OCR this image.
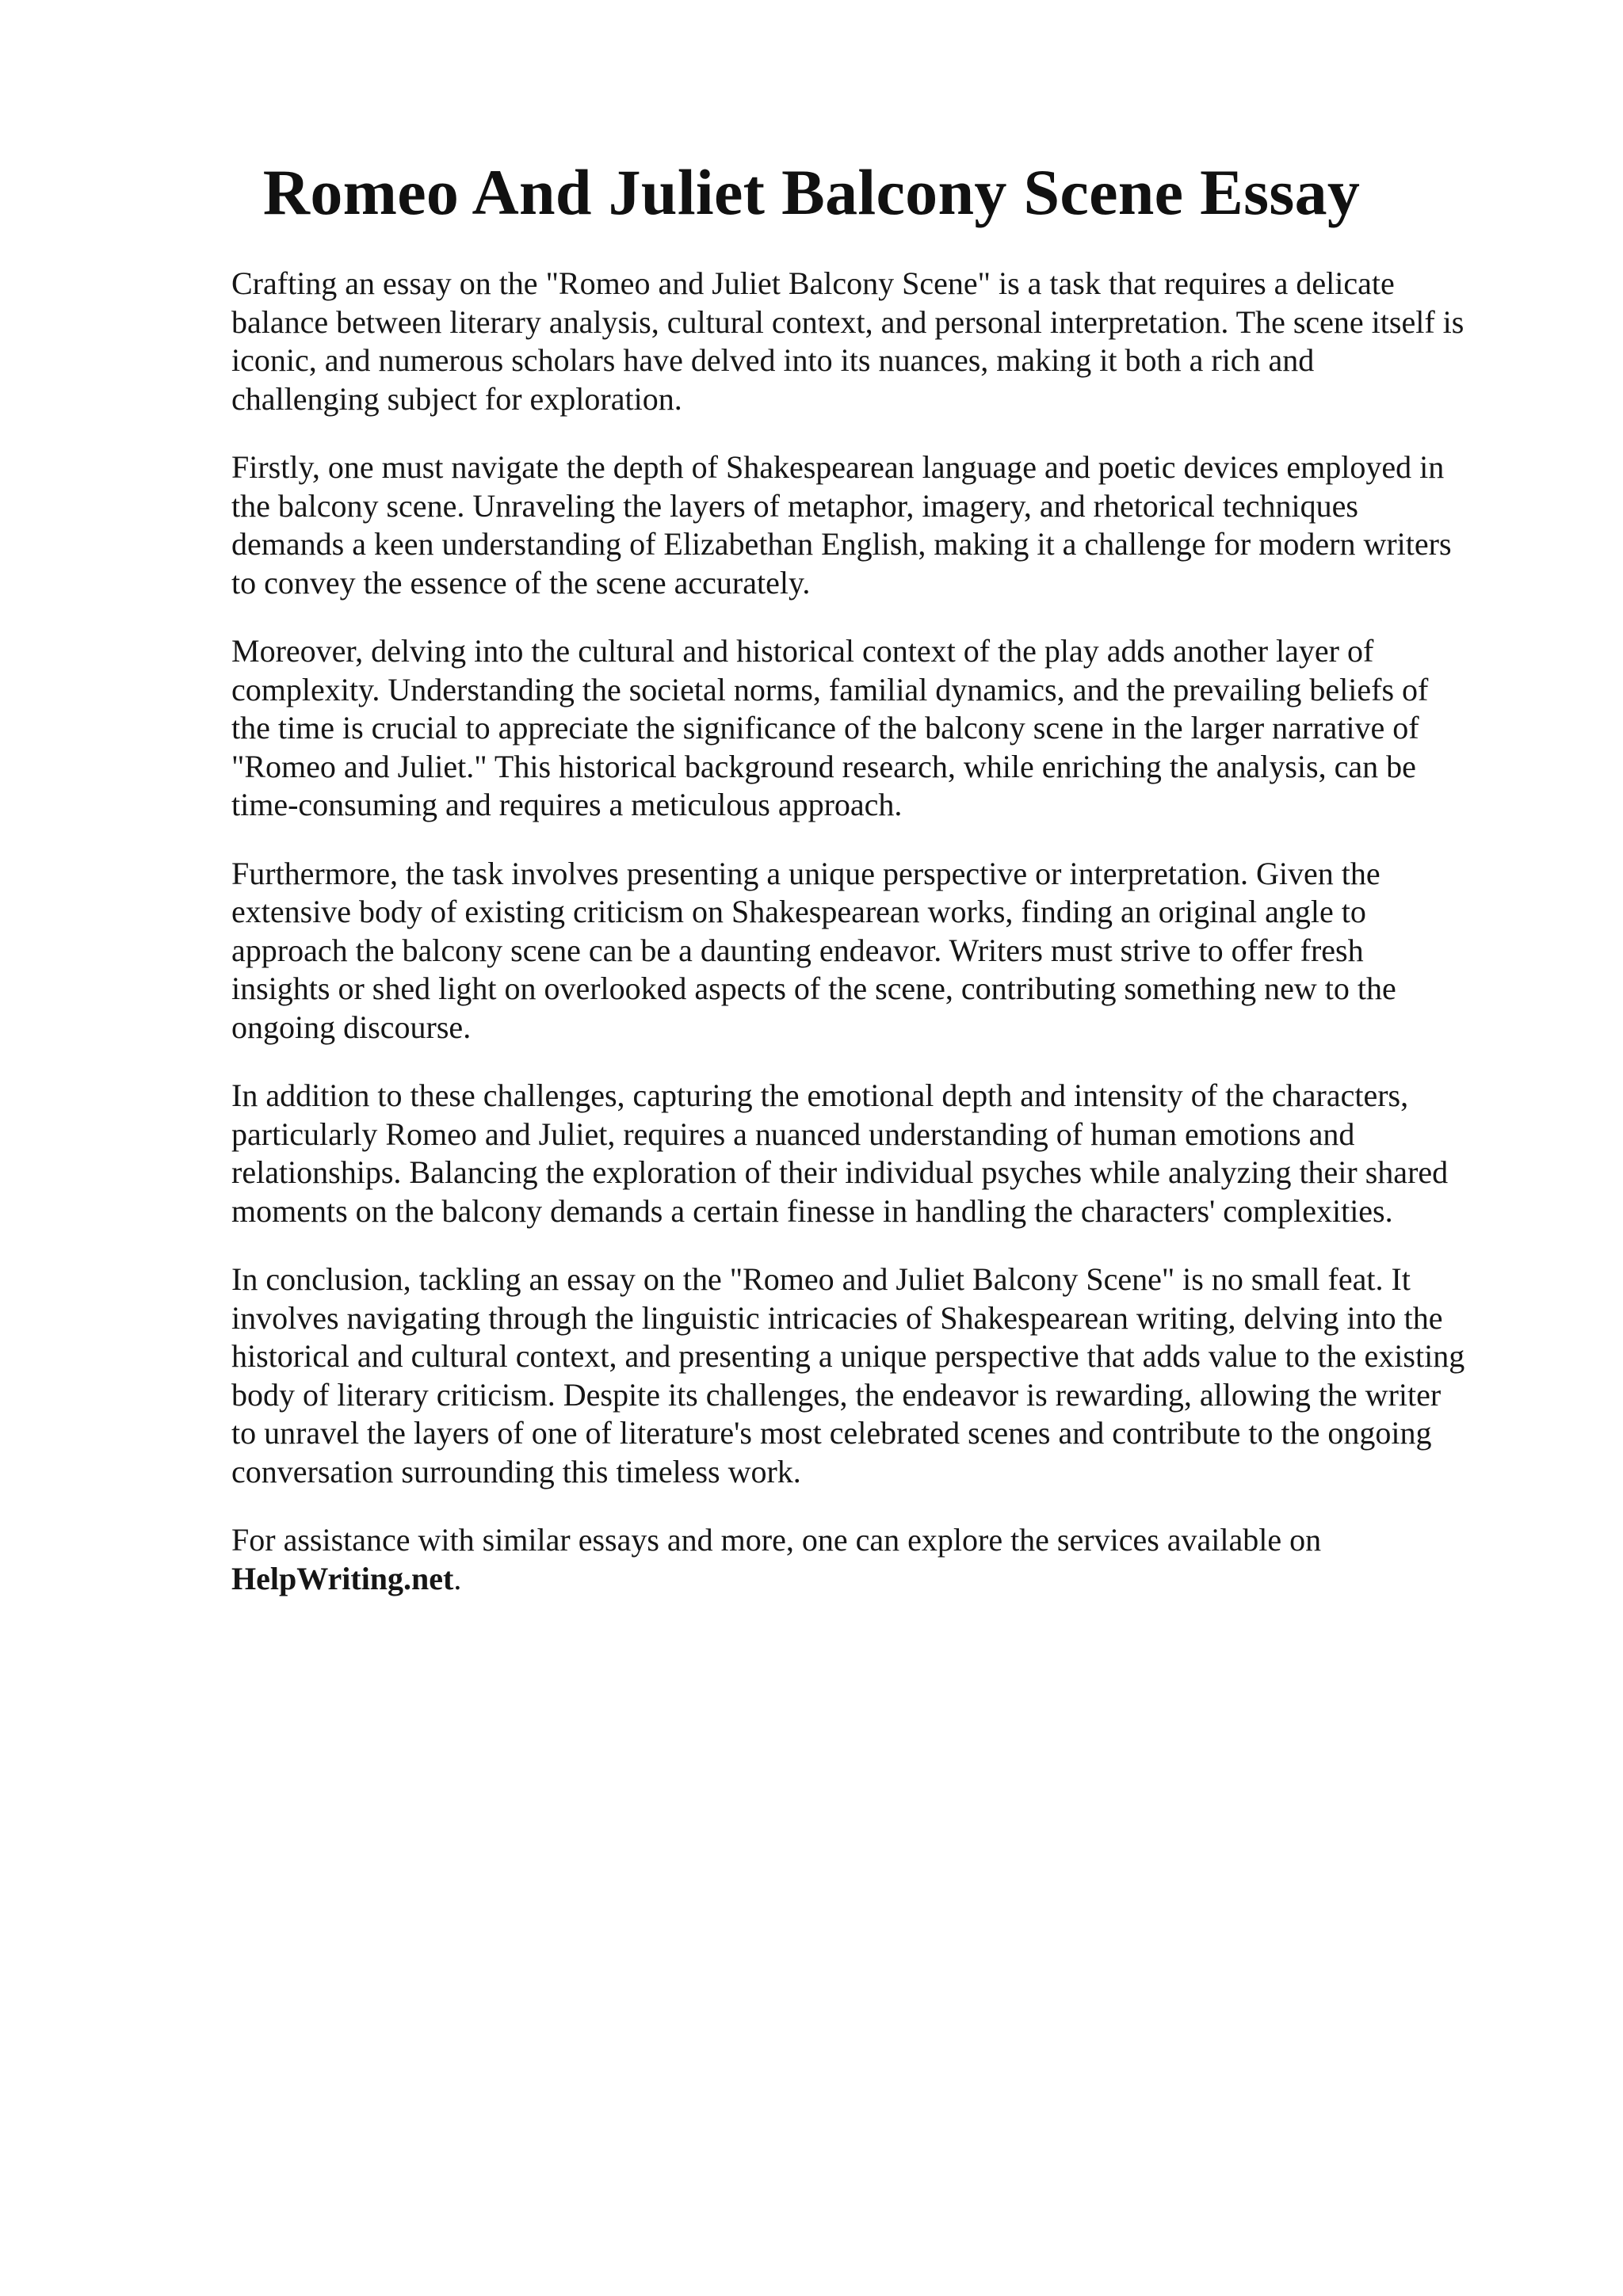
Romeo And Juliet Balcony Scene Essay

Crafting an essay on the "Romeo and Juliet Balcony Scene" is a task that requires a delicate
balance between literary analysis, cultural context, and personal interpretation. The scene itself is
iconic, and numerous scholars have delved into its nuances, making it both a rich and
challenging subject for exploration.

Firstly, one must navigate the depth of Shakespearean language and poetic devices employed in
the balcony scene. Unraveling the layers of metaphor, imagery, and rhetorical techniques
demands a keen understanding of Elizabethan English, making it a challenge for modern writers
to convey the essence of the scene accurately.

Moreover, delving into the cultural and historical context of the play adds another layer of
complexity. Understanding the societal norms, familial dynamics, and the prevailing beliefs of
the time is crucial to appreciate the significance of the balcony scene in the larger narrative of
"Romeo and Juliet." This historical background research, while enriching the analysis, can be
time-consuming and requires a meticulous approach.

Furthermore, the task involves presenting a unique perspective or interpretation. Given the
extensive body of existing criticism on Shakespearean works, finding an original angle to
approach the balcony scene can be a daunting endeavor. Writers must strive to offer fresh
insights or shed light on overlooked aspects of the scene, contributing something new to the
ongoing discourse.

In addition to these challenges, capturing the emotional depth and intensity of the characters,
particularly Romeo and Juliet, requires a nuanced understanding of human emotions and
relationships. Balancing the exploration of their individual psyches while analyzing their shared
moments on the balcony demands a certain finesse in handling the characters' complexities.

In conclusion, tackling an essay on the "Romeo and Juliet Balcony Scene" is no small feat. It
involves navigating through the linguistic intricacies of Shakespearean writing, delving into the
historical and cultural context, and presenting a unique perspective that adds value to the existing
body of literary criticism. Despite its challenges, the endeavor is rewarding, allowing the writer
to unravel the layers of one of literature's most celebrated scenes and contribute to the ongoing
conversation surrounding this timeless work.

For assistance with similar essays and more, one can explore the services available on
HelpWriting.net.
